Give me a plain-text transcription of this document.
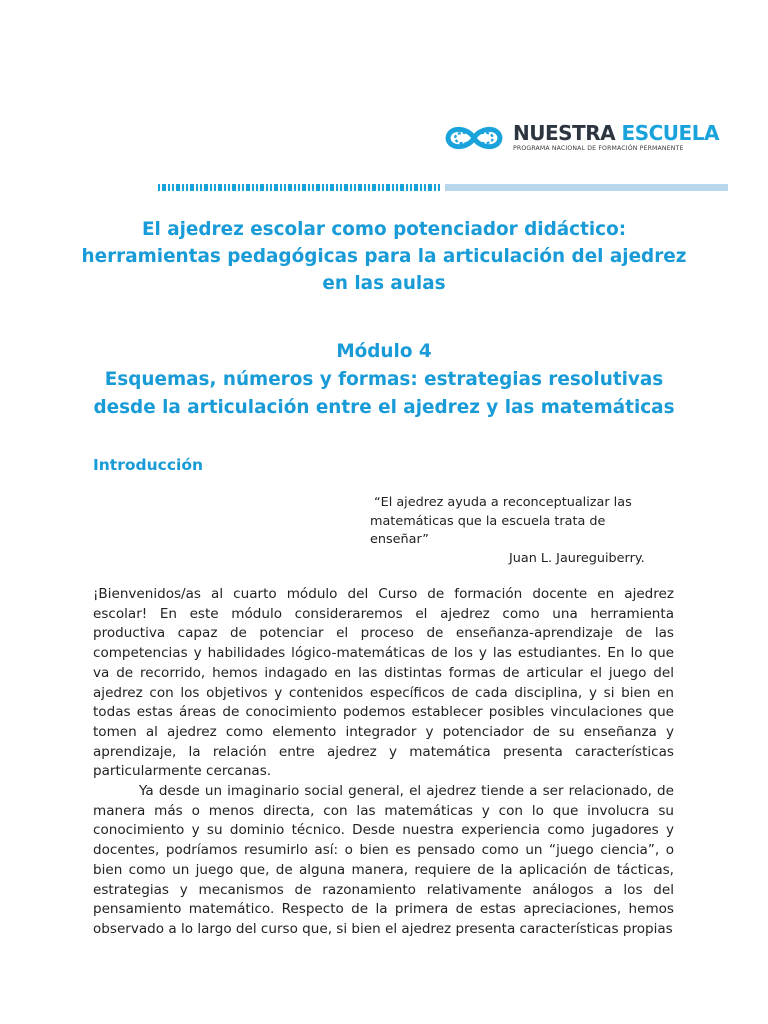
NUESTRA ESCUELA
PROGRAMA NACIONAL DE FORMACIÓN PERMANENTE
El ajedrez escolar como potenciador didáctico:
herramientas pedagógicas para la articulación del ajedrez
en las aulas
Módulo 4
Esquemas, números y formas: estrategias resolutivas
desde la articulación entre el ajedrez y las matemáticas
Introducción
“El ajedrez ayuda a reconceptualizar las
matemáticas que la escuela trata de enseñar”
Juan L. Jaureguiberry.

¡Bienvenidos/as al cuarto módulo del Curso de formación docente en ajedrez escolar! En este módulo consideraremos el ajedrez como una herramienta productiva capaz de potenciar el proceso de enseñanza-aprendizaje de las competencias y habilidades lógico-matemáticas de los y las estudiantes. En lo que va de recorrido, hemos indagado en las distintas formas de articular el juego del ajedrez con los objetivos y contenidos específicos de cada disciplina, y si bien en todas estas áreas de conocimiento podemos establecer posibles vinculaciones que tomen al ajedrez como elemento integrador y potenciador de su enseñanza y aprendizaje, la relación entre ajedrez y matemática presenta características particularmente cercanas.

Ya desde un imaginario social general, el ajedrez tiende a ser relacionado, de manera más o menos directa, con las matemáticas y con lo que involucra su conocimiento y su dominio técnico. Desde nuestra experiencia como jugadores y docentes, podríamos resumirlo así: o bien es pensado como un “juego ciencia”, o bien como un juego que, de alguna manera, requiere de la aplicación de tácticas, estrategias y mecanismos de razonamiento relativamente análogos a los del pensamiento matemático. Respecto de la primera de estas apreciaciones, hemos observado a lo largo del curso que, si bien el ajedrez presenta características propias
